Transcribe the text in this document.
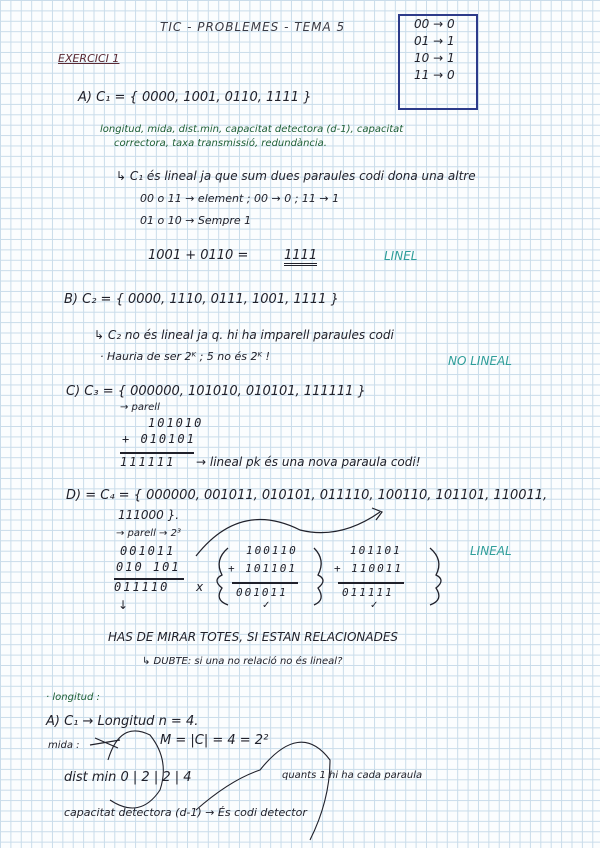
TIC - PROBLEMES - TEMA 5
EXERCICI 1
00 → 0
01 → 1
10 → 1
11 → 0
A) C₁ = { 0000, 1001, 0110, 1111 }
longitud, mida, dist.min, capacitat detectora (d-1), capacitat
correctora, taxa transmissió, redundància.
↳ C₁ és lineal ja que sum dues paraules codi dona una altre
00 o 11 → element ; 00 → 0 ; 11 → 1
01 o 10 → Sempre 1
1001 + 0110 =	1111	LINEL
B) C₂ = { 0000, 1110, 0111, 1001, 1111 }
↳ C₂ no és lineal ja q. hi ha imparell paraules codi
· Hauria de ser 2ᴷ ; 5 no és 2ᴷ !	NO LINEAL
C) C₃ = { 000000, 101010, 010101, 111111 }
→ parell
101010
+ 010101
111111 → lineal pk és una nova paraula codi!
D) = C₄ = { 000000, 001011, 010101, 011110, 100110, 101101, 110011,
111000 }.
→ parell → 2³
001011
010 101
011110 x
↓
100110
+ 101101
001011
✓
101101
+ 110011
011111
✓
LINEAL
HAS DE MIRAR TOTES, SI ESTAN RELACIONADES
↳ DUBTE: si una no relació no és lineal?
· longitud :
A) C₁ → Longitud n = 4.
mida :	M = |C| = 4 = 2²
dist min 0 | 2 | 2 | 4	quants 1 hi ha cada paraula
capacitat detectora (d-1) → És codi detector
